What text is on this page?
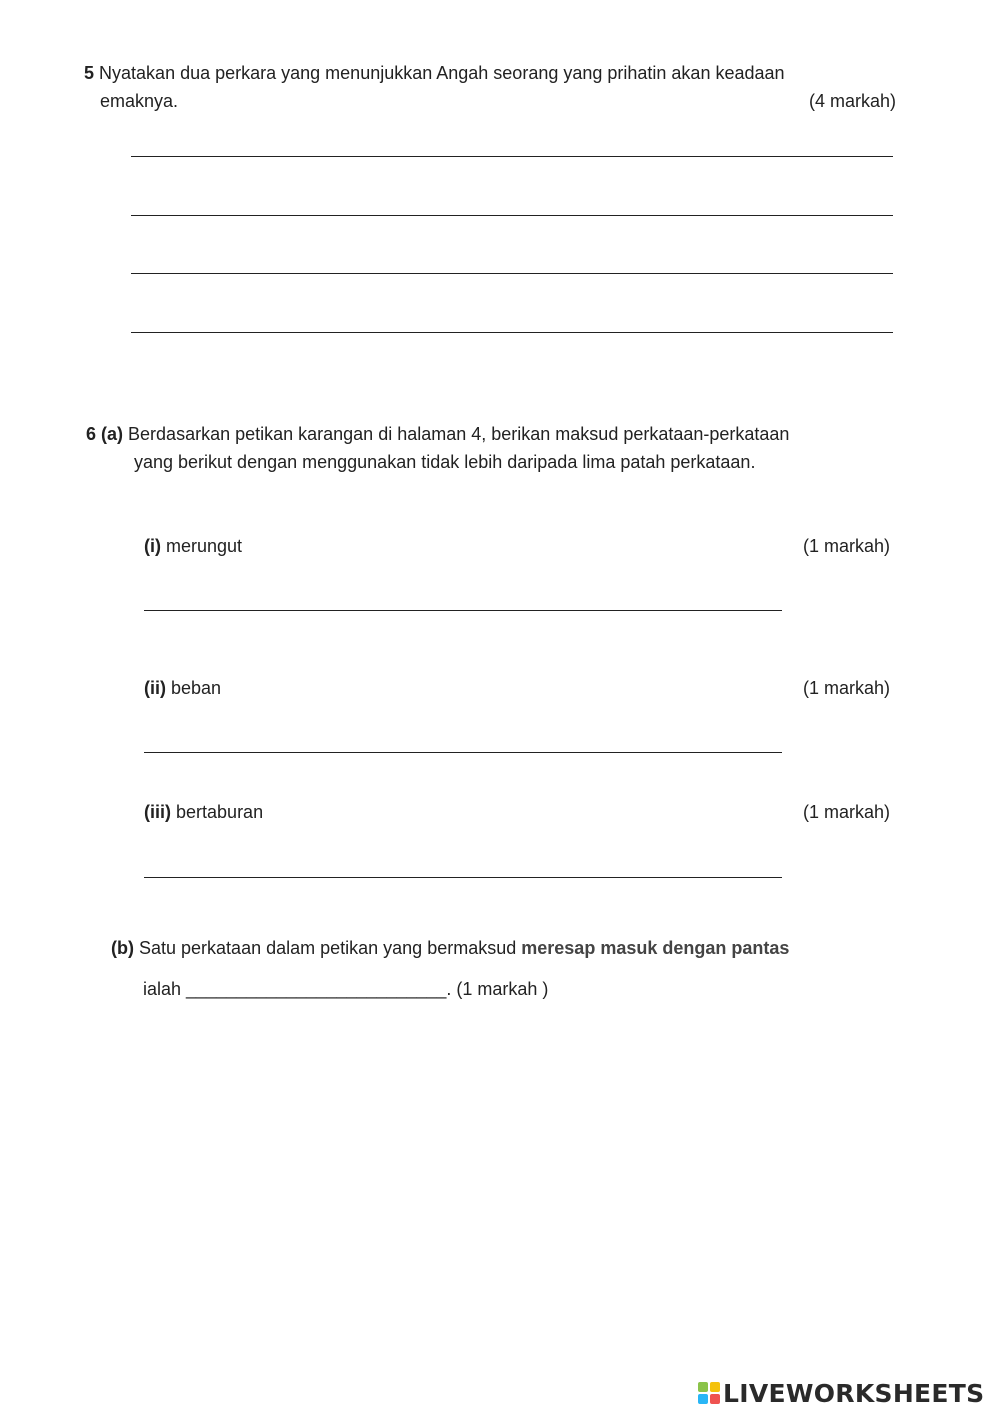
5 Nyatakan dua perkara yang menunjukkan Angah seorang yang prihatin akan keadaan
emaknya.	(4 markah)
6 (a) Berdasarkan petikan karangan di halaman 4, berikan maksud perkataan-perkataan
yang berikut dengan menggunakan tidak lebih daripada lima patah perkataan.
(i) merungut	(1 markah)
(ii) beban	(1 markah)
(iii) bertaburan	(1 markah)
(b) Satu perkataan dalam petikan yang bermaksud meresap masuk dengan pantas
ialah __________________________. (1 markah )
LIVEWORKSHEETS
